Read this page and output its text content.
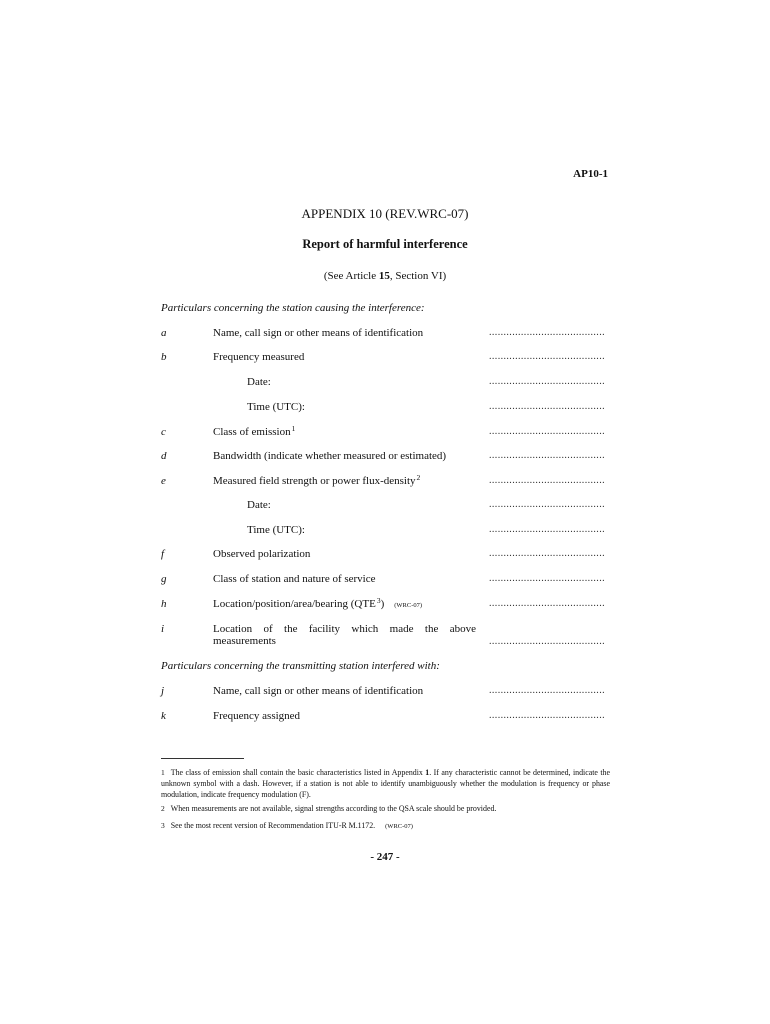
AP10-1
APPENDIX 10 (REV.WRC-07)
Report of harmful interference
(See Article 15, Section VI)
Particulars concerning the station causing the interference:
a	Name, call sign or other means of identification	........................................
b	Frequency measured	........................................
Date:	........................................
Time (UTC):	........................................
c	Class of emission$^1$	........................................
d	Bandwidth (indicate whether measured or estimated)	........................................
e	Measured field strength or power flux-density$^2$	........................................
Date:	........................................
Time (UTC):	........................................
f	Observed polarization	........................................
g	Class of station and nature of service	........................................
h	Location/position/area/bearing (QTE$^3$) (WRC-07)	........................................
i	Location of the facility which made the above measurements	........................................
Particulars concerning the transmitting station interfered with:
j	Name, call sign or other means of identification	........................................
k	Frequency assigned	........................................
1 The class of emission shall contain the basic characteristics listed in Appendix 1. If any characteristic cannot be determined, indicate the unknown symbol with a dash. However, if a station is not able to identify unambiguously whether the modulation is frequency or phase modulation, indicate frequency modulation (F).
2 When measurements are not available, signal strengths according to the QSA scale should be provided.
3 See the most recent version of Recommendation ITU-R M.1172. (WRC-07)
- 247 -
